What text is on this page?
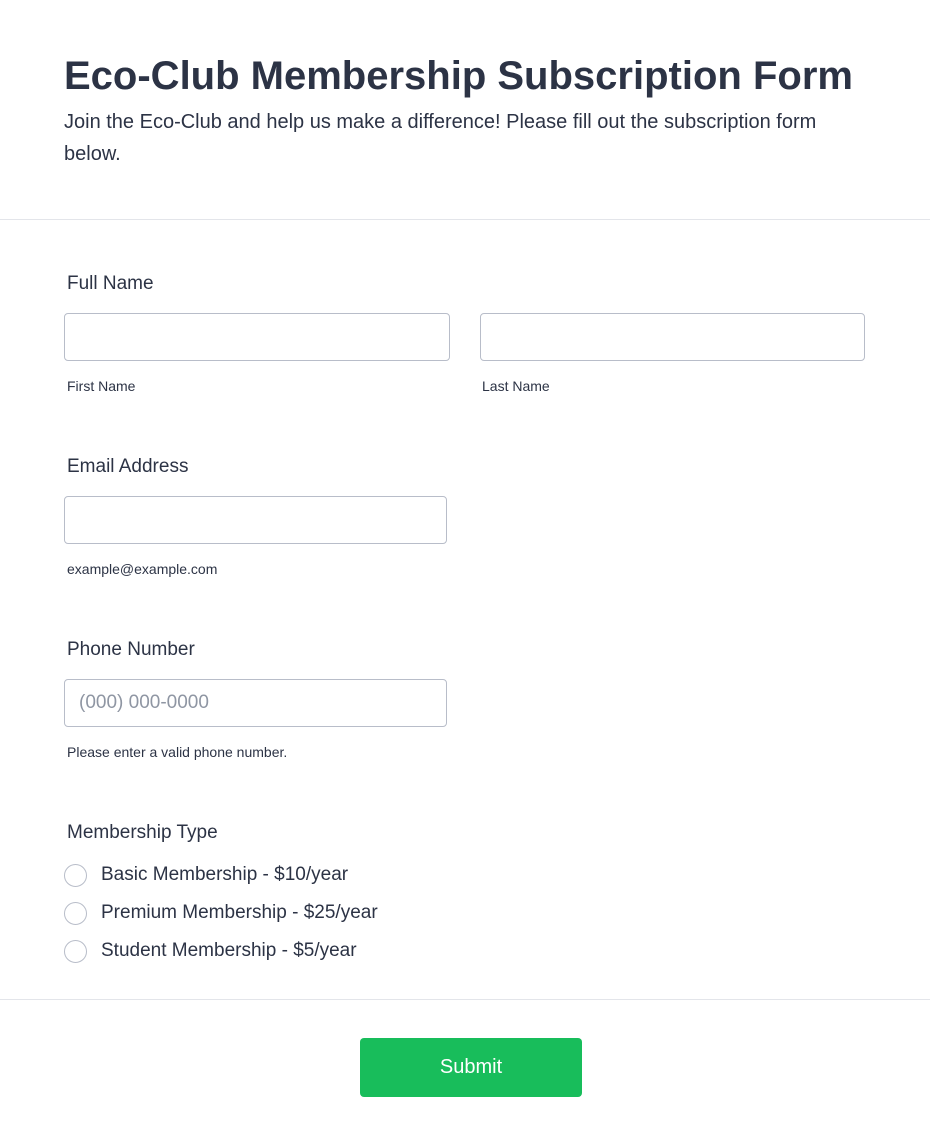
Eco-Club Membership Subscription Form

Join the Eco-Club and help us make a difference! Please fill out the subscription form below.

Full Name
First Name	Last Name
Email Address
example@example.com
Phone Number
(000) 000-0000
Please enter a valid phone number.
Membership Type
Basic Membership - $10/year
Premium Membership - $25/year
Student Membership - $5/year
Submit
